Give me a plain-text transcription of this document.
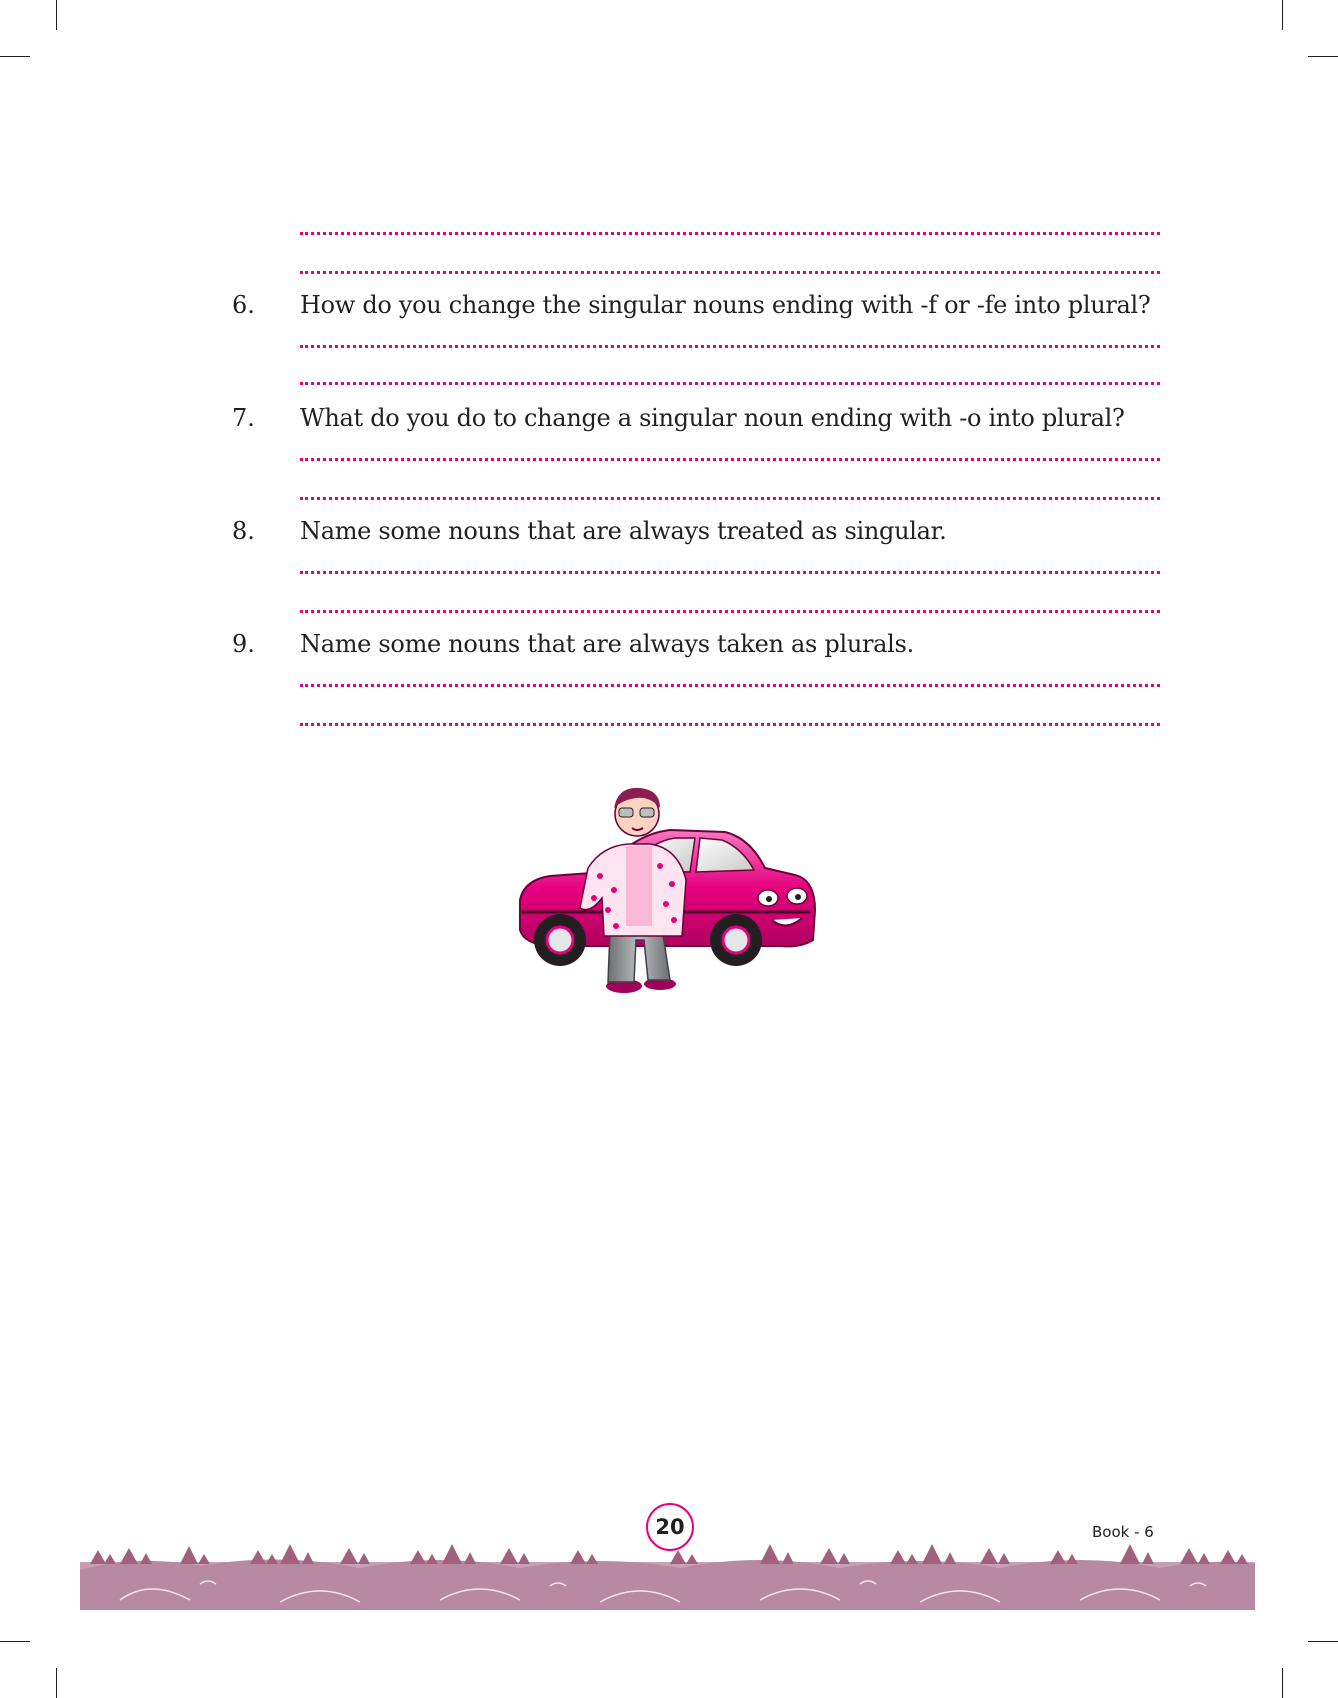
6. How do you change the singular nouns ending with -f or -fe into plural?
7. What do you do to change a singular noun ending with -o into plural?
8. Name some nouns that are always treated as singular.
9. Name some nouns that are always taken as plurals.
20	Book - 6
